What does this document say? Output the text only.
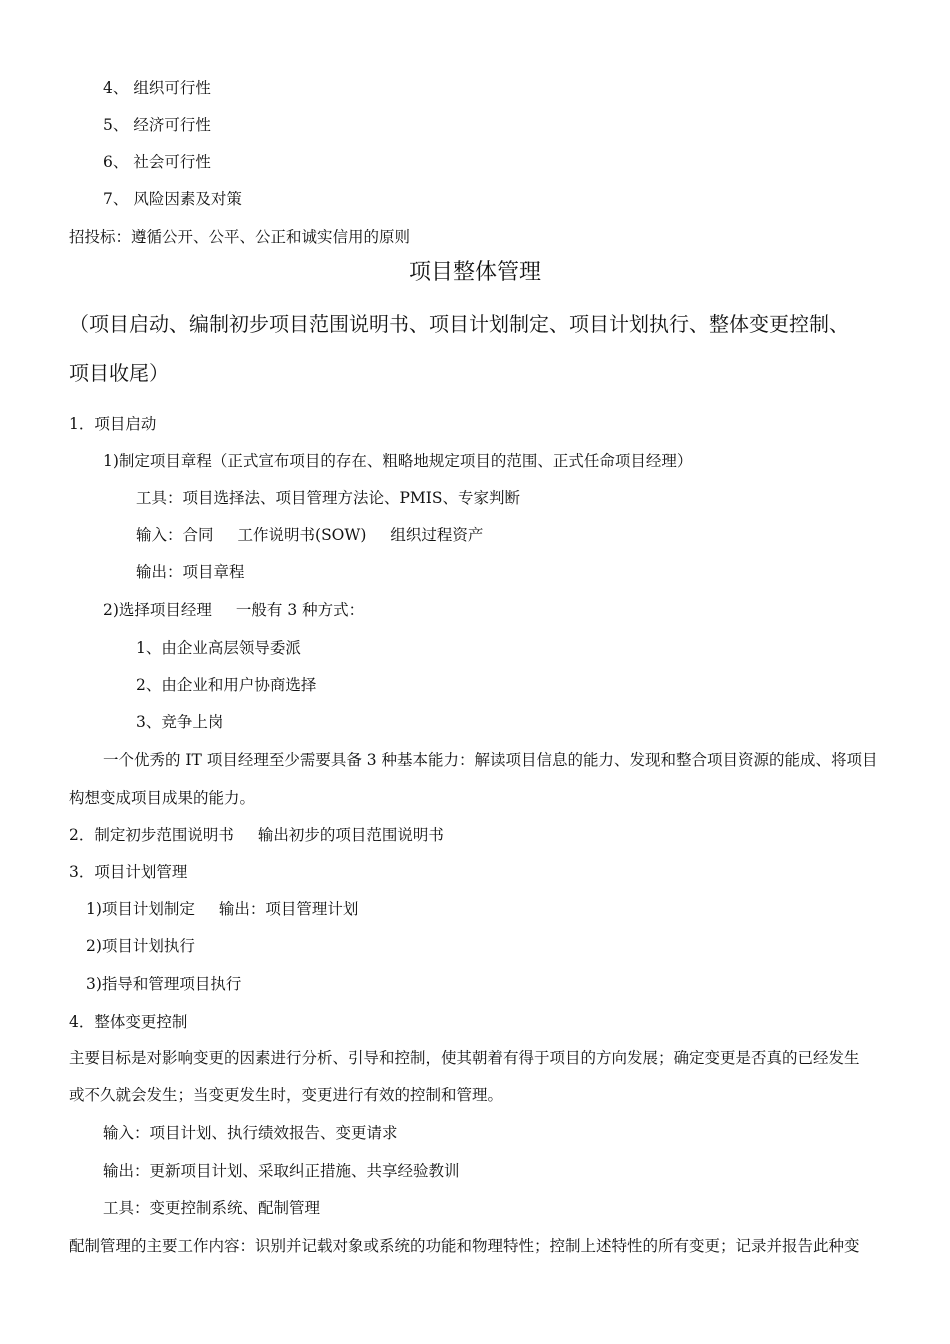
4、 组织可行性
5、 经济可行性
6、 社会可行性
7、 风险因素及对策
招投标：遵循公开、公平、公正和诚实信用的原则
项目整体管理
（项目启动、编制初步项目范围说明书、项目计划制定、项目计划执行、整体变更控制、
项目收尾）
1．项目启动
1)制定项目章程（正式宣布项目的存在、粗略地规定项目的范围、正式任命项目经理）
工具：项目选择法、项目管理方法论、PMIS、专家判断
输入：合同 工作说明书(SOW) 组织过程资产
输出：项目章程
2)选择项目经理 一般有 3 种方式：
1、由企业高层领导委派
2、由企业和用户协商选择
3、竞争上岗
一个优秀的 IT 项目经理至少需要具备 3 种基本能力：解读项目信息的能力、发现和整合项目资源的能成、将项目
构想变成项目成果的能力。
2．制定初步范围说明书 输出初步的项目范围说明书
3．项目计划管理
1)项目计划制定 输出：项目管理计划
2)项目计划执行
3)指导和管理项目执行
4．整体变更控制
主要目标是对影响变更的因素进行分析、引导和控制，使其朝着有得于项目的方向发展；确定变更是否真的已经发生
或不久就会发生；当变更发生时，变更进行有效的控制和管理。
输入：项目计划、执行绩效报告、变更请求
输出：更新项目计划、采取纠正措施、共享经验教训
工具：变更控制系统、配制管理
配制管理的主要工作内容：识别并记载对象或系统的功能和物理特性；控制上述特性的所有变更；记录并报告此种变
